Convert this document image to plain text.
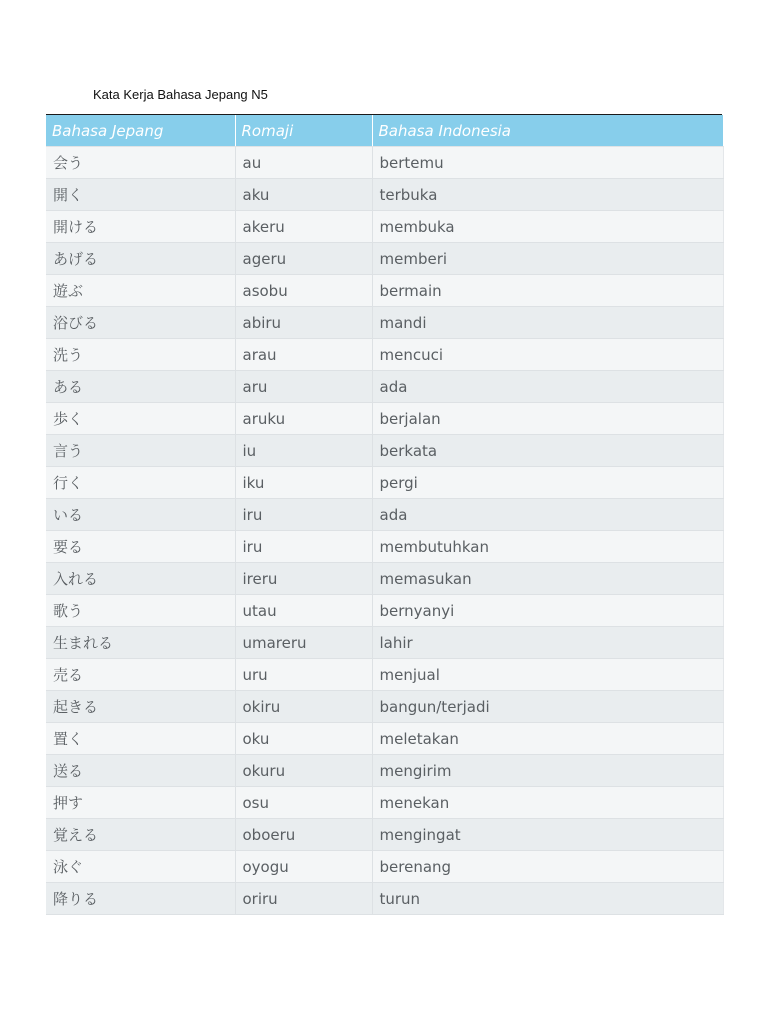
Kata Kerja Bahasa Jepang N5
Bahasa Jepang	Romaji	Bahasa Indonesia
会う	au	bertemu
開く	aku	terbuka
開ける	akeru	membuka
あげる	ageru	memberi
遊ぶ	asobu	bermain
浴びる	abiru	mandi
洗う	arau	mencuci
ある	aru	ada
歩く	aruku	berjalan
言う	iu	berkata
行く	iku	pergi
いる	iru	ada
要る	iru	membutuhkan
入れる	ireru	memasukan
歌う	utau	bernyanyi
生まれる	umareru	lahir
売る	uru	menjual
起きる	okiru	bangun/terjadi
置く	oku	meletakan
送る	okuru	mengirim
押す	osu	menekan
覚える	oboeru	mengingat
泳ぐ	oyogu	berenang
降りる	oriru	turun
